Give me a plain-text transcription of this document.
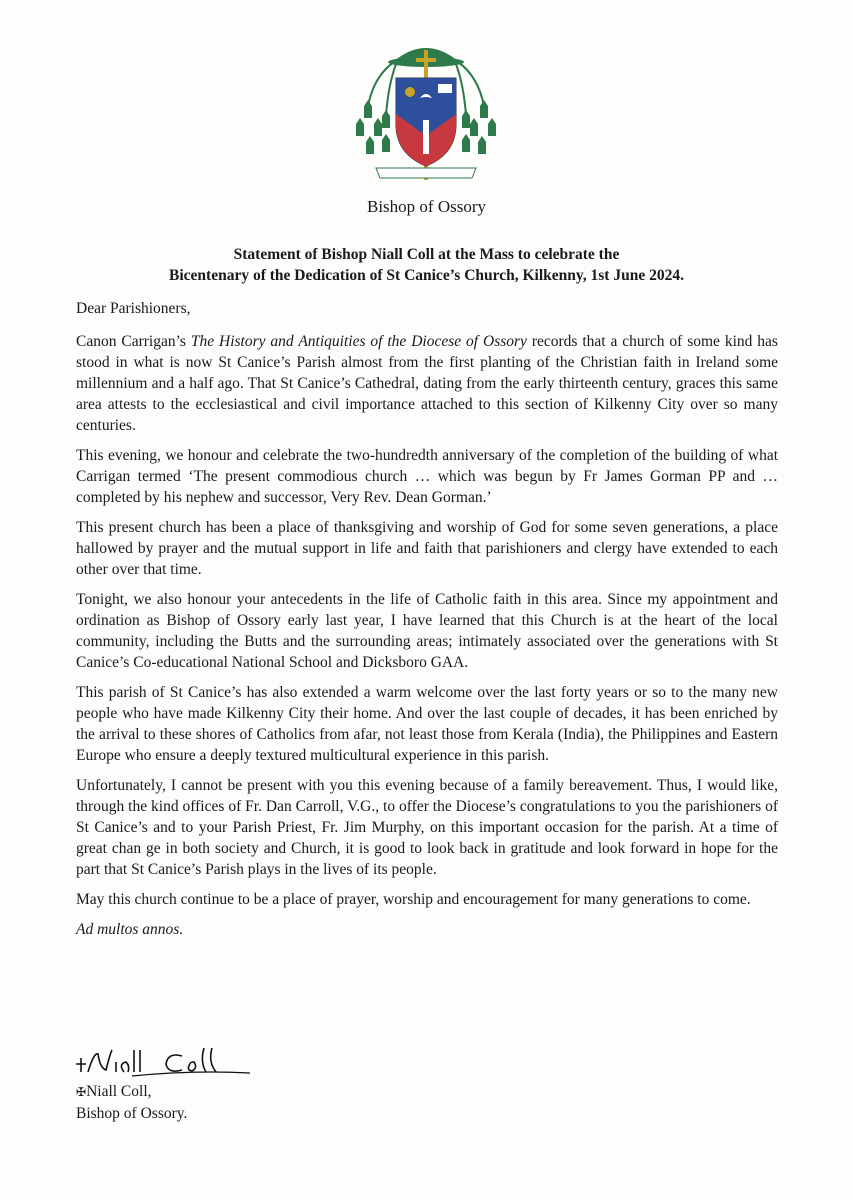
Bishop of Ossory
Statement of Bishop Niall Coll at the Mass to celebrate the
Bicentenary of the Dedication of St Canice’s Church, Kilkenny, 1st June 2024.

Dear Parishioners,

Canon Carrigan’s The History and Antiquities of the Diocese of Ossory records that a church of some kind has stood in what is now St Canice’s Parish almost from the first planting of the Christian faith in Ireland some millennium and a half ago. That St Canice’s Cathedral, dating from the early thirteenth century, graces this same area attests to the ecclesiastical and civil importance attached to this section of Kilkenny City over so many centuries.

This evening, we honour and celebrate the two-hundredth anniversary of the completion of the building of what Carrigan termed ‘The present commodious church … which was begun by Fr James Gorman PP and … completed by his nephew and successor, Very Rev. Dean Gorman.’

This present church has been a place of thanksgiving and worship of God for some seven generations, a place hallowed by prayer and the mutual support in life and faith that parishioners and clergy have extended to each other over that time.

Tonight, we also honour your antecedents in the life of Catholic faith in this area. Since my appointment and ordination as Bishop of Ossory early last year, I have learned that this Church is at the heart of the local community, including the Butts and the surrounding areas; intimately associated over the generations with St Canice’s Co-educational National School and Dicksboro GAA.

This parish of St Canice’s has also extended a warm welcome over the last forty years or so to the many new people who have made Kilkenny City their home. And over the last couple of decades, it has been enriched by the arrival to these shores of Catholics from afar, not least those from Kerala (India), the Philippines and Eastern Europe who ensure a deeply textured multicultural experience in this parish.

Unfortunately, I cannot be present with you this evening because of a family bereavement. Thus, I would like, through the kind offices of Fr. Dan Carroll, V.G., to offer the Diocese’s congratulations to you the parishioners of St Canice’s and to your Parish Priest, Fr. Jim Murphy, on this important occasion for the parish. At a time of great chan ge in both society and Church, it is good to look back in gratitude and look forward in hope for the part that St Canice’s Parish plays in the lives of its people.

May this church continue to be a place of prayer, worship and encouragement for many generations to come.

Ad multos annos.

✠Niall Coll,
Bishop of Ossory.
